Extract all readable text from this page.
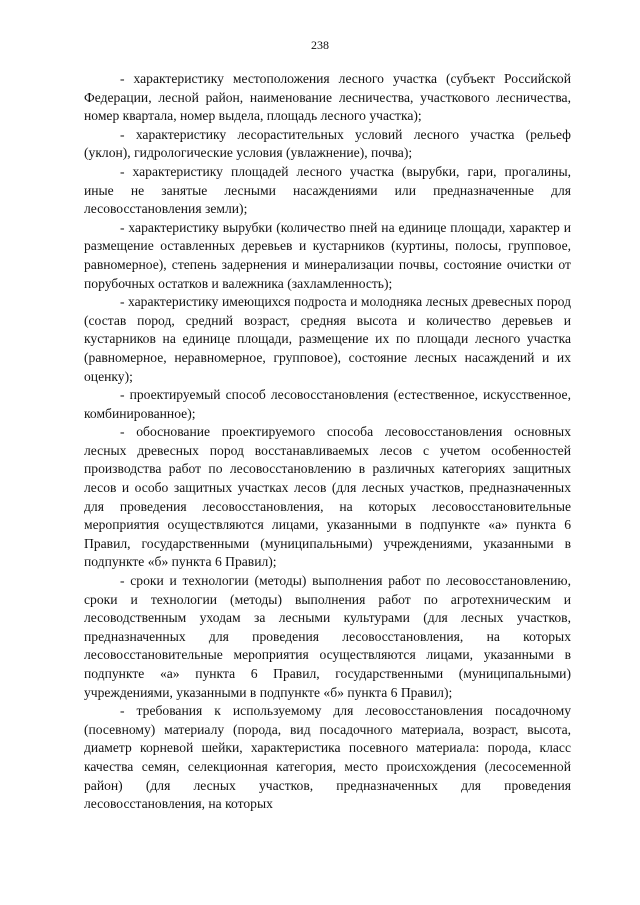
238

- характеристику местоположения лесного участка (субъект Российской Федерации, лесной район, наименование лесничества, участкового лесничества, номер квартала, номер выдела, площадь лесного участка);

- характеристику лесорастительных условий лесного участка (рельеф (уклон), гидрологические условия (увлажнение), почва);

- характеристику площадей лесного участка (вырубки, гари, прогалины, иные не занятые лесными насаждениями или предназначенные для лесовосстановления земли);

- характеристику вырубки (количество пней на единице площади, характер и размещение оставленных деревьев и кустарников (куртины, полосы, групповое, равномерное), степень задернения и минерализации почвы, состояние очистки от порубочных остатков и валежника (захламленность);

- характеристику имеющихся подроста и молодняка лесных древесных пород (состав пород, средний возраст, средняя высота и количество деревьев и кустарников на единице площади, размещение их по площади лесного участка (равномерное, неравномерное, групповое), состояние лесных насаждений и их оценку);

- проектируемый способ лесовосстановления (естественное, искусственное, комбинированное);

- обоснование проектируемого способа лесовосстановления основных лесных древесных пород восстанавливаемых лесов с учетом особенностей производства работ по лесовосстановлению в различных категориях защитных лесов и особо защитных участках лесов (для лесных участков, предназначенных для проведения лесовосстановления, на которых лесовосстановительные мероприятия осуществляются лицами, указанными в подпункте «а» пункта 6 Правил, государственными (муниципальными) учреждениями, указанными в подпункте «б» пункта 6 Правил);

- сроки и технологии (методы) выполнения работ по лесовосстановлению, сроки и технологии (методы) выполнения работ по агротехническим и лесоводственным уходам за лесными культурами (для лесных участков, предназначенных для проведения лесовосстановления, на которых лесовосстановительные мероприятия осуществляются лицами, указанными в подпункте «а» пункта 6 Правил, государственными (муниципальными) учреждениями, указанными в подпункте «б» пункта 6 Правил);

- требования к используемому для лесовосстановления посадочному (посевному) материалу (порода, вид посадочного материала, возраст, высота, диаметр корневой шейки, характеристика посевного материала: порода, класс качества семян, селекционная категория, место происхождения (лесосеменной район) (для лесных участков, предназначенных для проведения лесовосстановления, на которых
